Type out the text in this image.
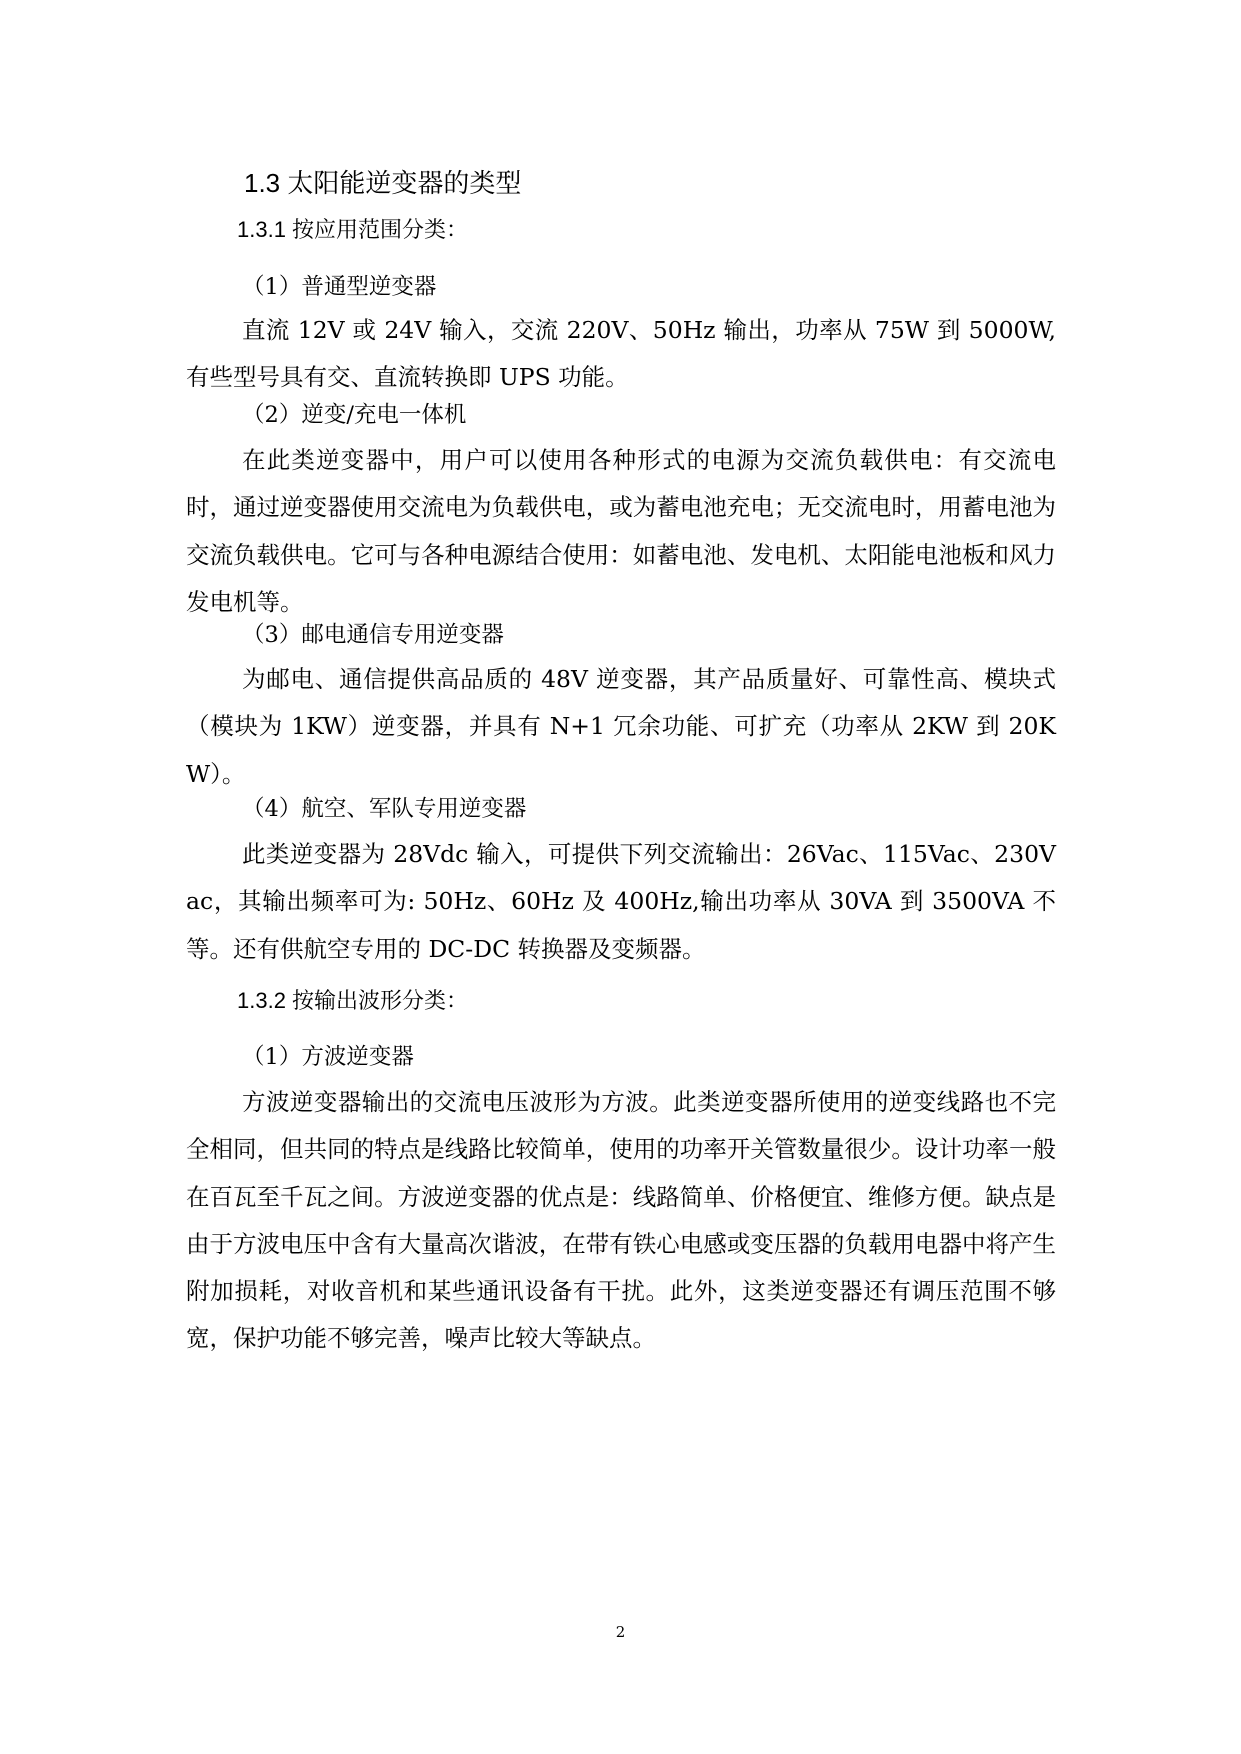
1.3 太阳能逆变器的类型
1.3.1 按应用范围分类：
（1）普通型逆变器
直流 12V 或 24V 输入，交流 220V、50Hz 输出，功率从 75W 到 5000W,有些型号具有交、直流转换即 UPS 功能。
（2）逆变/充电一体机
在此类逆变器中，用户可以使用各种形式的电源为交流负载供电：有交流电时，通过逆变器使用交流电为负载供电，或为蓄电池充电；无交流电时，用蓄电池为交流负载供电。它可与各种电源结合使用：如蓄电池、发电机、太阳能电池板和风力发电机等。
（3）邮电通信专用逆变器
为邮电、通信提供高品质的 48V 逆变器，其产品质量好、可靠性高、模块式（模块为 1KW）逆变器，并具有 N+1 冗余功能、可扩充（功率从 2KW 到 20KW）。
（4）航空、军队专用逆变器
此类逆变器为 28Vdc 输入，可提供下列交流输出：26Vac、115Vac、230Vac，其输出频率可为: 50Hz、60Hz 及 400Hz,输出功率从 30VA 到 3500VA 不等。还有供航空专用的 DC-DC 转换器及变频器。
1.3.2 按输出波形分类：
（1）方波逆变器
方波逆变器输出的交流电压波形为方波。此类逆变器所使用的逆变线路也不完全相同，但共同的特点是线路比较简单，使用的功率开关管数量很少。设计功率一般在百瓦至千瓦之间。方波逆变器的优点是：线路简单、价格便宜、维修方便。缺点是由于方波电压中含有大量高次谐波，在带有铁心电感或变压器的负载用电器中将产生附加损耗，对收音机和某些通讯设备有干扰。此外，这类逆变器还有调压范围不够宽，保护功能不够完善，噪声比较大等缺点。
2
